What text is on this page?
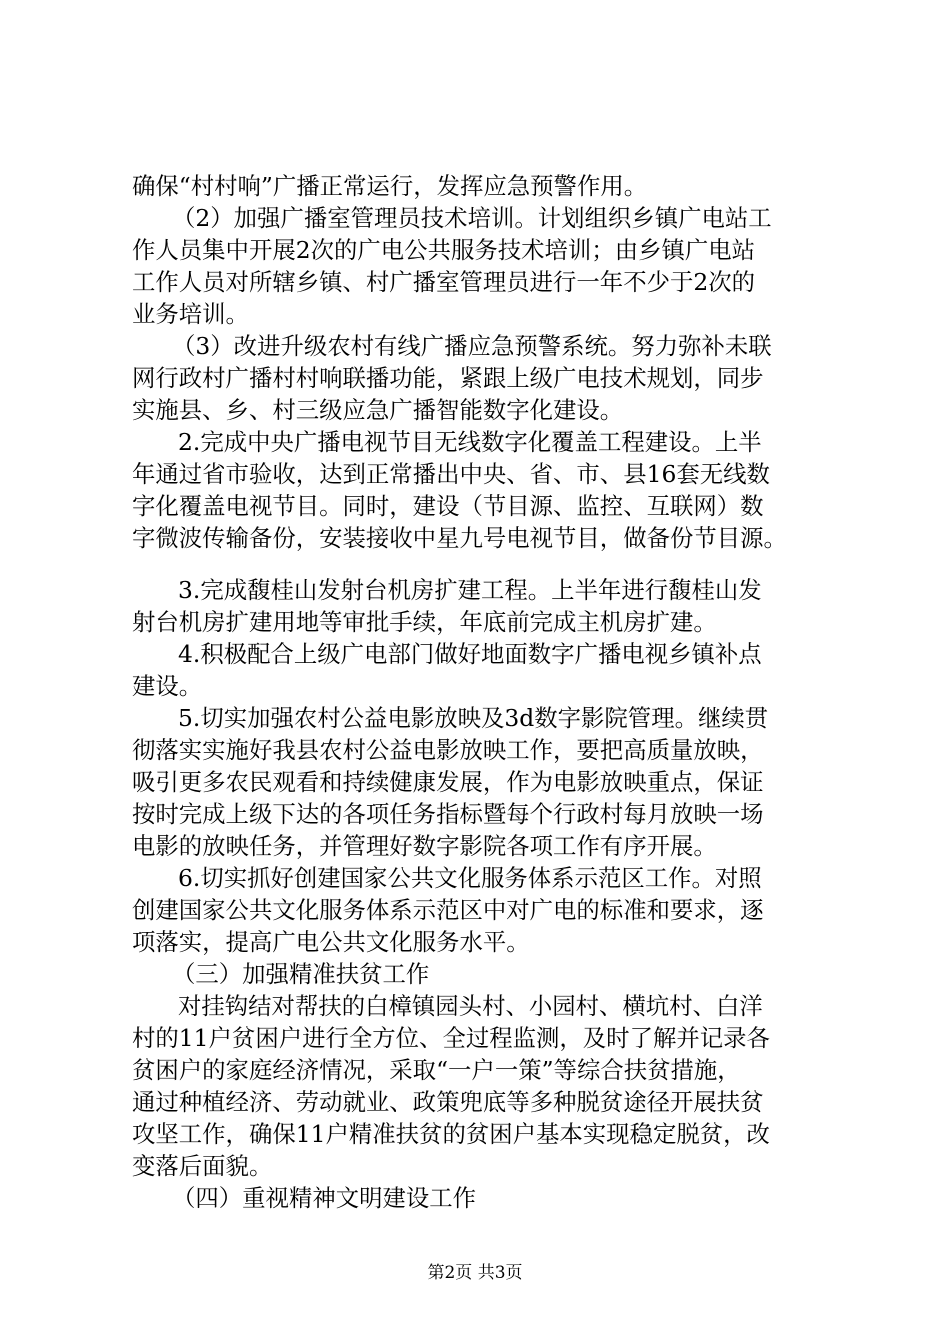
确保“村村响”广播正常运行，发挥应急预警作用。
（2）加强广播室管理员技术培训。计划组织乡镇广电站工
作人员集中开展2次的广电公共服务技术培训；由乡镇广电站
工作人员对所辖乡镇、村广播室管理员进行一年不少于2次的
业务培训。
（3）改进升级农村有线广播应急预警系统。努力弥补未联
网行政村广播村村响联播功能，紧跟上级广电技术规划，同步
实施县、乡、村三级应急广播智能数字化建设。
2.完成中央广播电视节目无线数字化覆盖工程建设。上半
年通过省市验收，达到正常播出中央、省、市、县16套无线数
字化覆盖电视节目。同时，建设（节目源、监控、互联网）数
字微波传输备份，安装接收中星九号电视节目，做备份节目源。
3.完成馥桂山发射台机房扩建工程。上半年进行馥桂山发
射台机房扩建用地等审批手续，年底前完成主机房扩建。
4.积极配合上级广电部门做好地面数字广播电视乡镇补点
建设。
5.切实加强农村公益电影放映及3d数字影院管理。继续贯
彻落实实施好我县农村公益电影放映工作，要把高质量放映，
吸引更多农民观看和持续健康发展，作为电影放映重点，保证
按时完成上级下达的各项任务指标暨每个行政村每月放映一场
电影的放映任务，并管理好数字影院各项工作有序开展。
6.切实抓好创建国家公共文化服务体系示范区工作。对照
创建国家公共文化服务体系示范区中对广电的标准和要求，逐
项落实，提高广电公共文化服务水平。
（三）加强精准扶贫工作
对挂钩结对帮扶的白樟镇园头村、小园村、横坑村、白洋
村的11户贫困户进行全方位、全过程监测，及时了解并记录各
贫困户的家庭经济情况，采取“一户一策”等综合扶贫措施，
通过种植经济、劳动就业、政策兜底等多种脱贫途径开展扶贫
攻坚工作，确保11户精准扶贫的贫困户基本实现稳定脱贫，改
变落后面貌。
（四）重视精神文明建设工作
第2页 共3页
